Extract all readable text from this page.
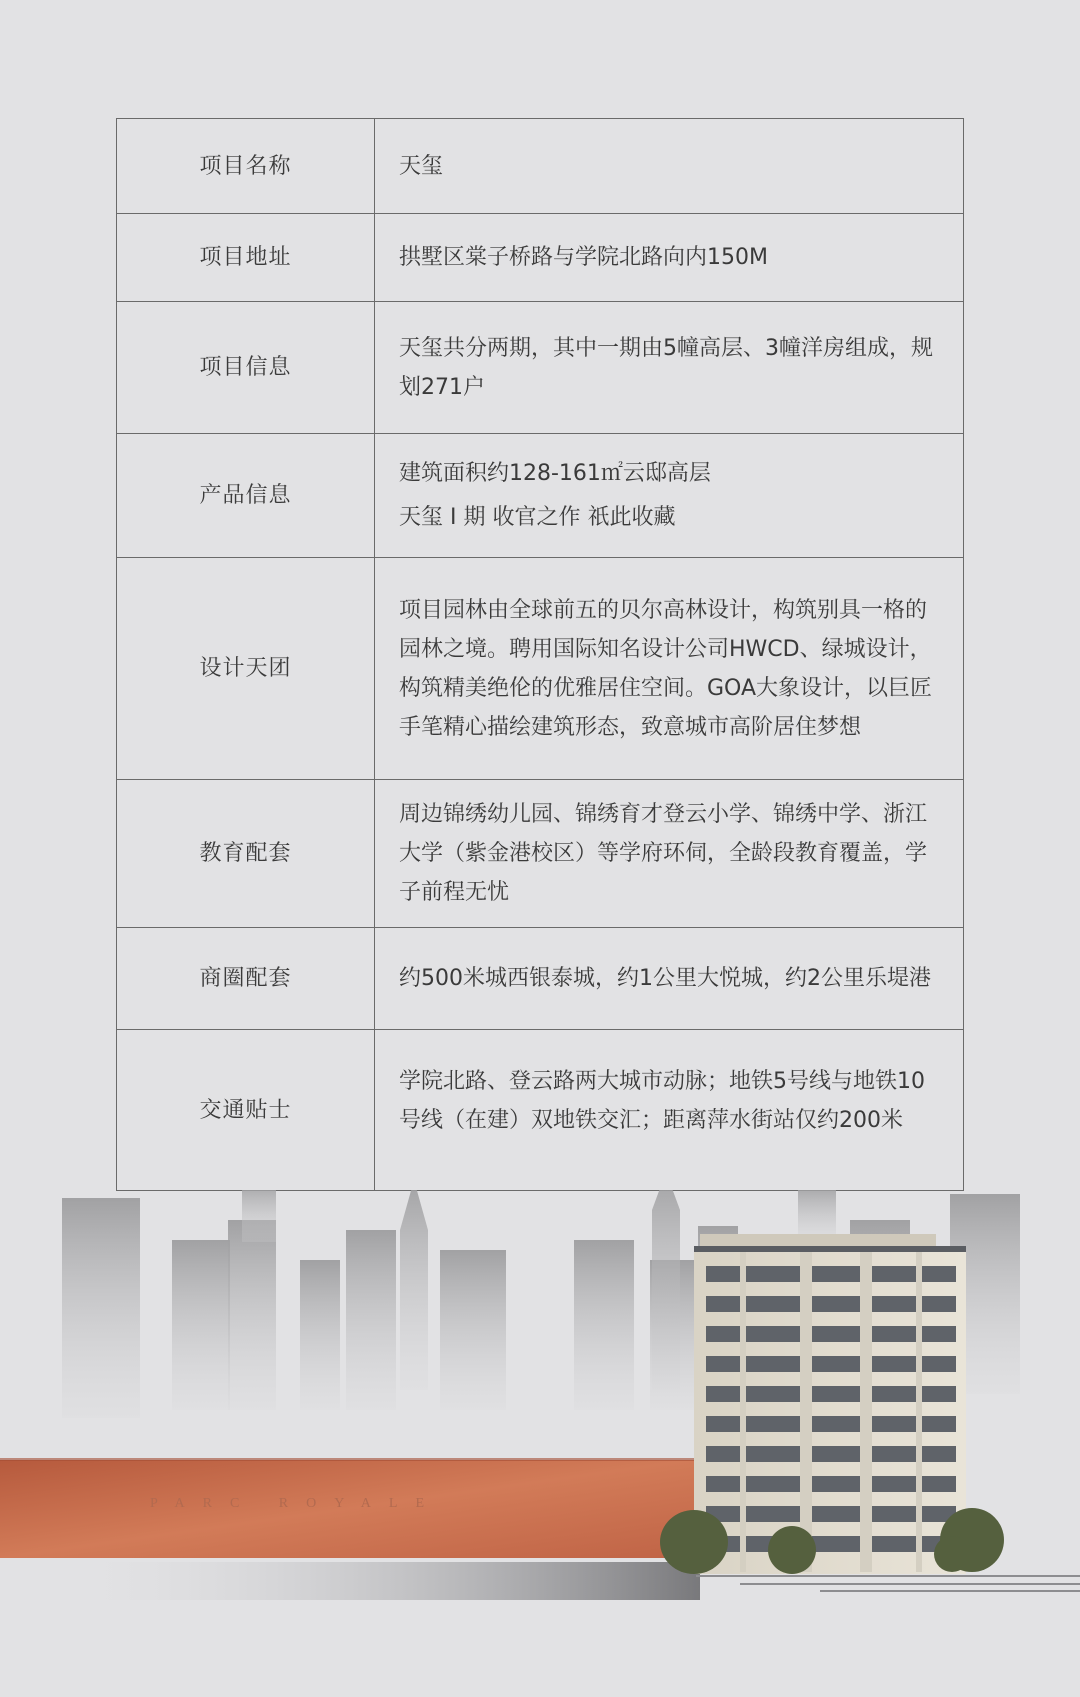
项目名称	天玺

项目地址	拱墅区棠子桥路与学院北路向内150M

项目信息	天玺共分两期，其中一期由5幢高层、3幢洋房组成，规划271户

产品信息	建筑面积约128-161㎡云邸高层

天玺 Ⅰ 期 收官之作 祇此收藏

设计天团	项目园林由全球前五的贝尔高林设计，构筑别具一格的园林之境。聘用国际知名设计公司HWCD、绿城设计，构筑精美绝伦的优雅居住空间。GOA大象设计，以巨匠手笔精心描绘建筑形态，致意城市高阶居住梦想

教育配套	周边锦绣幼儿园、锦绣育才登云小学、锦绣中学、浙江大学（紫金港校区）等学府环伺，全龄段教育覆盖，学子前程无忧

商圈配套	约500米城西银泰城，约1公里大悦城，约2公里乐堤港

交通贴士	学院北路、登云路两大城市动脉；地铁5号线与地铁10号线（在建）双地铁交汇；距离萍水街站仅约200米

PARC ROYALE
